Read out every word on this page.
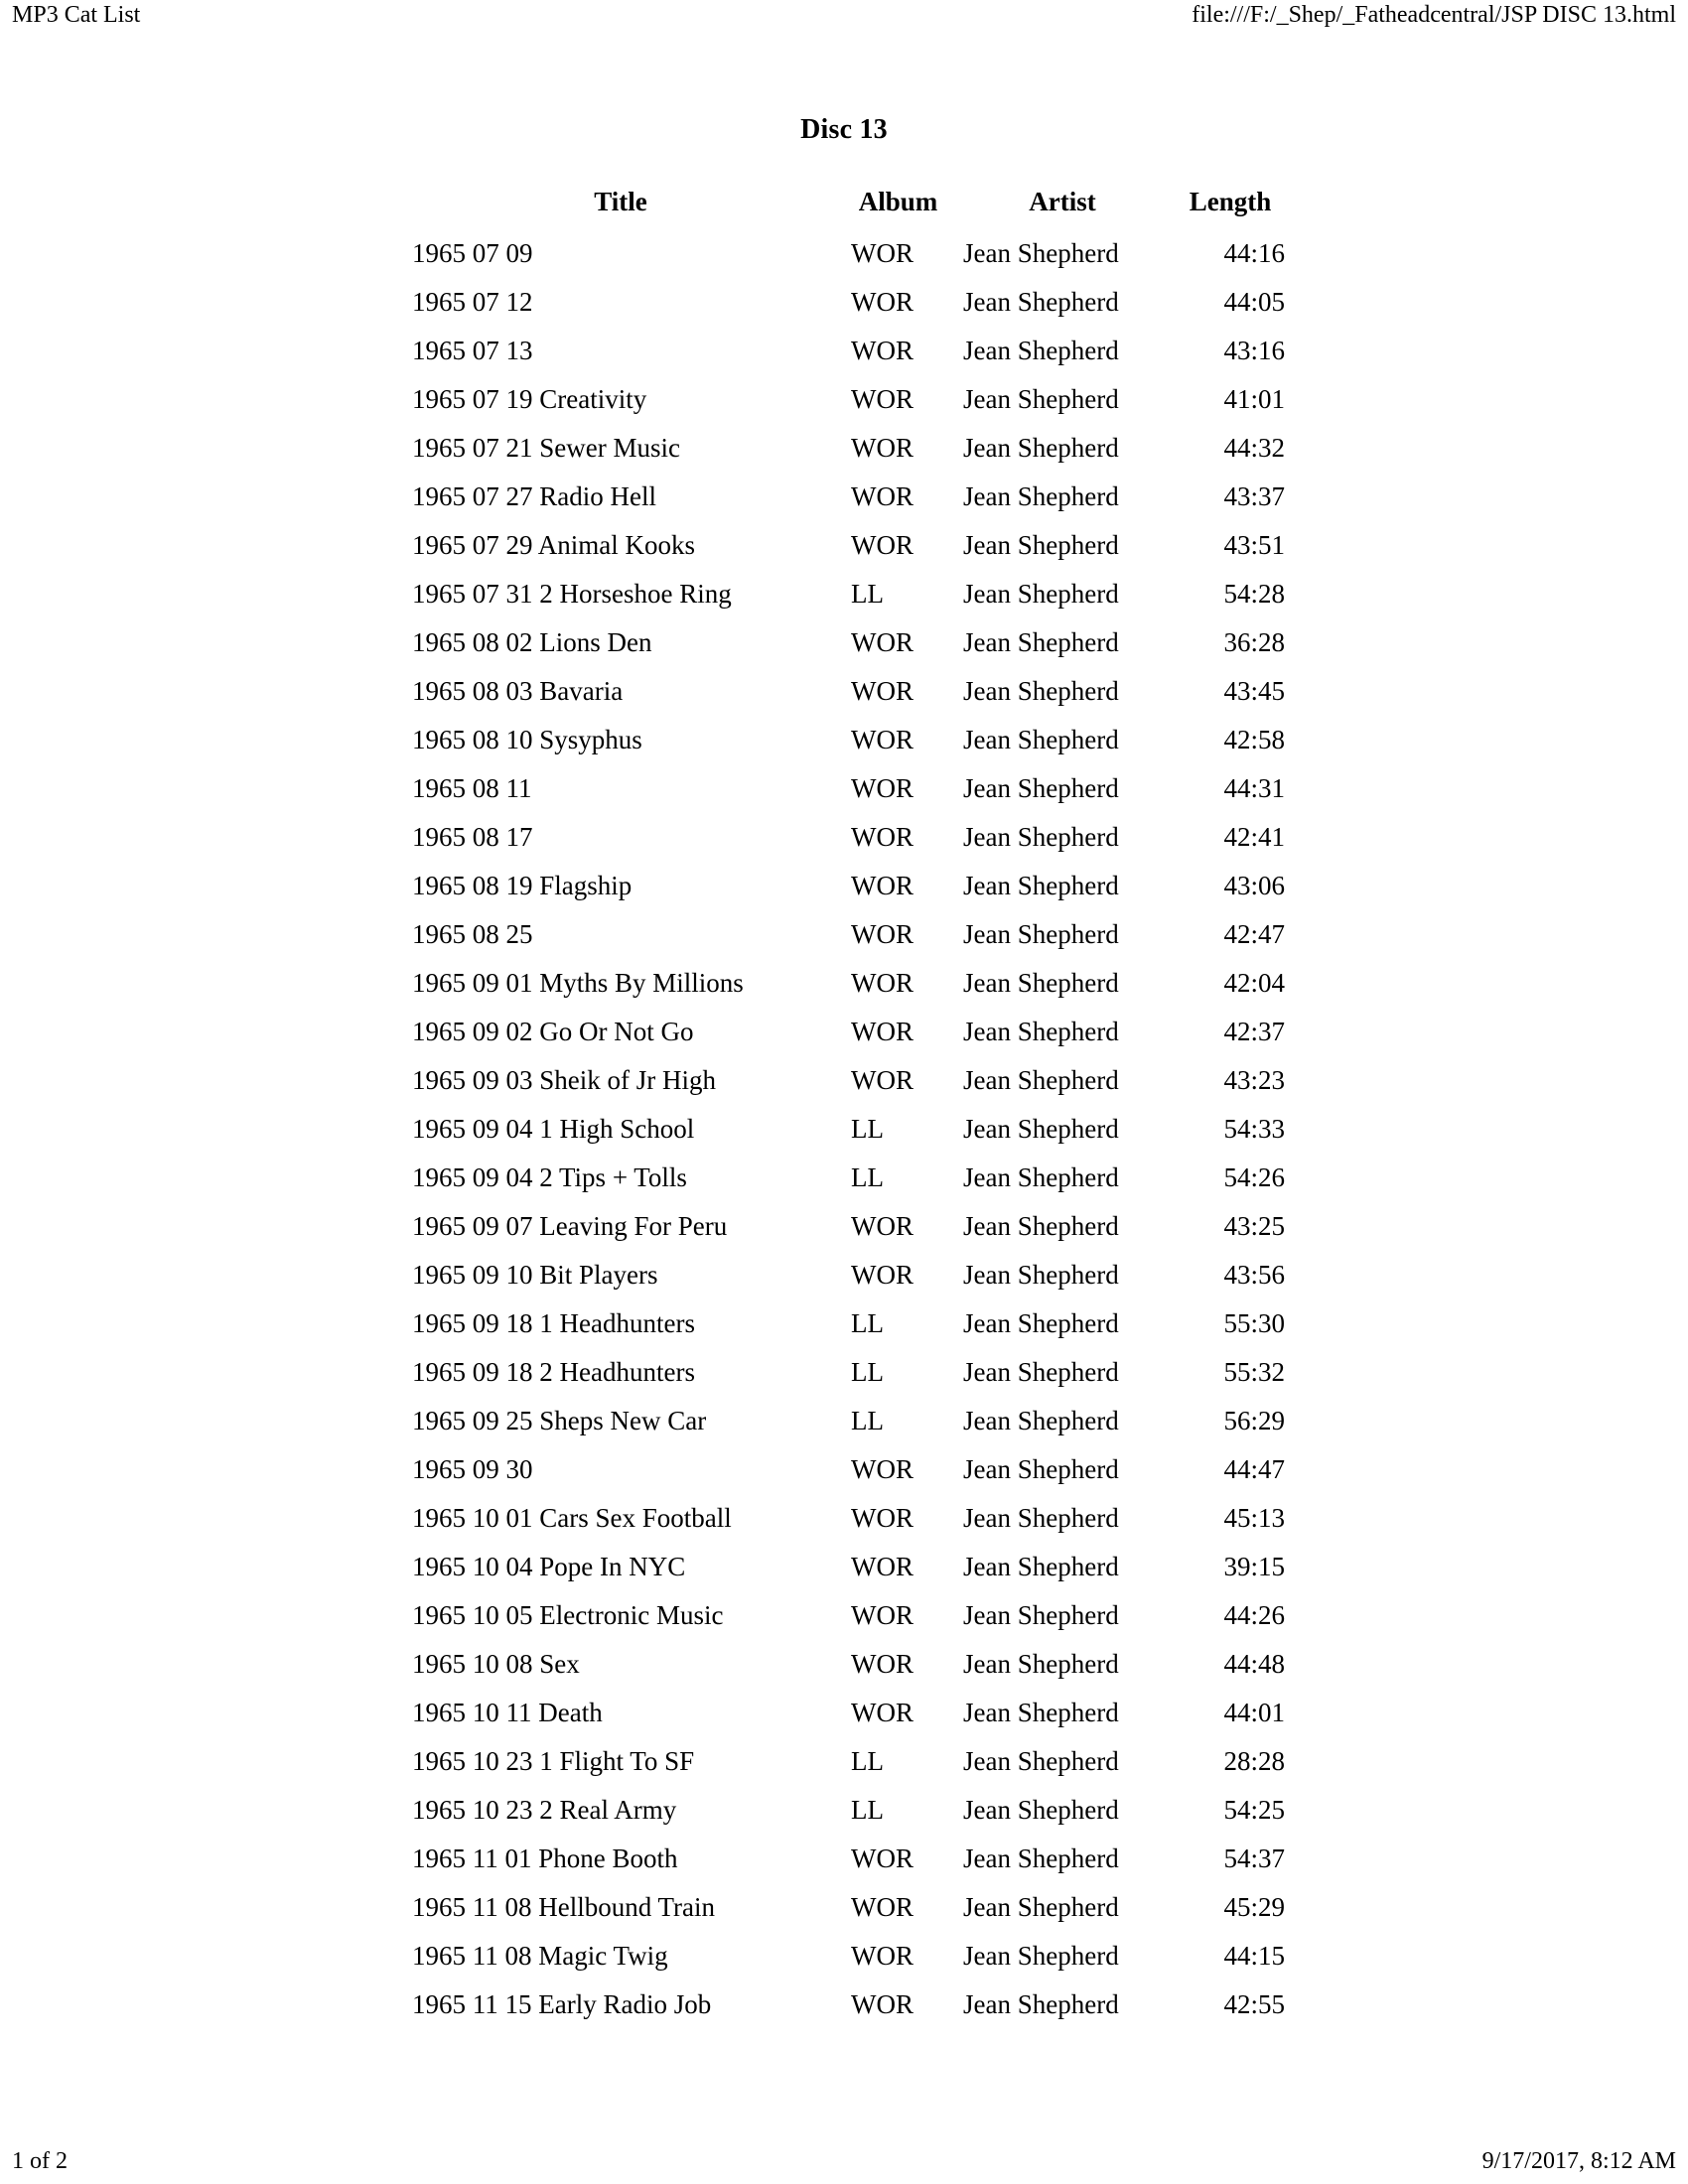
MP3 Cat List	file:///F:/_Shep/_Fatheadcentral/JSP DISC 13.html
Disc 13
Title	Album	Artist	Length
1965 07 09	WOR	Jean Shepherd	44:16
1965 07 12	WOR	Jean Shepherd	44:05
1965 07 13	WOR	Jean Shepherd	43:16
1965 07 19 Creativity	WOR	Jean Shepherd	41:01
1965 07 21 Sewer Music	WOR	Jean Shepherd	44:32
1965 07 27 Radio Hell	WOR	Jean Shepherd	43:37
1965 07 29 Animal Kooks	WOR	Jean Shepherd	43:51
1965 07 31 2 Horseshoe Ring	LL	Jean Shepherd	54:28
1965 08 02 Lions Den	WOR	Jean Shepherd	36:28
1965 08 03 Bavaria	WOR	Jean Shepherd	43:45
1965 08 10 Sysyphus	WOR	Jean Shepherd	42:58
1965 08 11	WOR	Jean Shepherd	44:31
1965 08 17	WOR	Jean Shepherd	42:41
1965 08 19 Flagship	WOR	Jean Shepherd	43:06
1965 08 25	WOR	Jean Shepherd	42:47
1965 09 01 Myths By Millions	WOR	Jean Shepherd	42:04
1965 09 02 Go Or Not Go	WOR	Jean Shepherd	42:37
1965 09 03 Sheik of Jr High	WOR	Jean Shepherd	43:23
1965 09 04 1 High School	LL	Jean Shepherd	54:33
1965 09 04 2 Tips + Tolls	LL	Jean Shepherd	54:26
1965 09 07 Leaving For Peru	WOR	Jean Shepherd	43:25
1965 09 10 Bit Players	WOR	Jean Shepherd	43:56
1965 09 18 1 Headhunters	LL	Jean Shepherd	55:30
1965 09 18 2 Headhunters	LL	Jean Shepherd	55:32
1965 09 25 Sheps New Car	LL	Jean Shepherd	56:29
1965 09 30	WOR	Jean Shepherd	44:47
1965 10 01 Cars Sex Football	WOR	Jean Shepherd	45:13
1965 10 04 Pope In NYC	WOR	Jean Shepherd	39:15
1965 10 05 Electronic Music	WOR	Jean Shepherd	44:26
1965 10 08 Sex	WOR	Jean Shepherd	44:48
1965 10 11 Death	WOR	Jean Shepherd	44:01
1965 10 23 1 Flight To SF	LL	Jean Shepherd	28:28
1965 10 23 2 Real Army	LL	Jean Shepherd	54:25
1965 11 01 Phone Booth	WOR	Jean Shepherd	54:37
1965 11 08 Hellbound Train	WOR	Jean Shepherd	45:29
1965 11 08 Magic Twig	WOR	Jean Shepherd	44:15
1965 11 15 Early Radio Job	WOR	Jean Shepherd	42:55
1 of 2	9/17/2017, 8:12 AM
